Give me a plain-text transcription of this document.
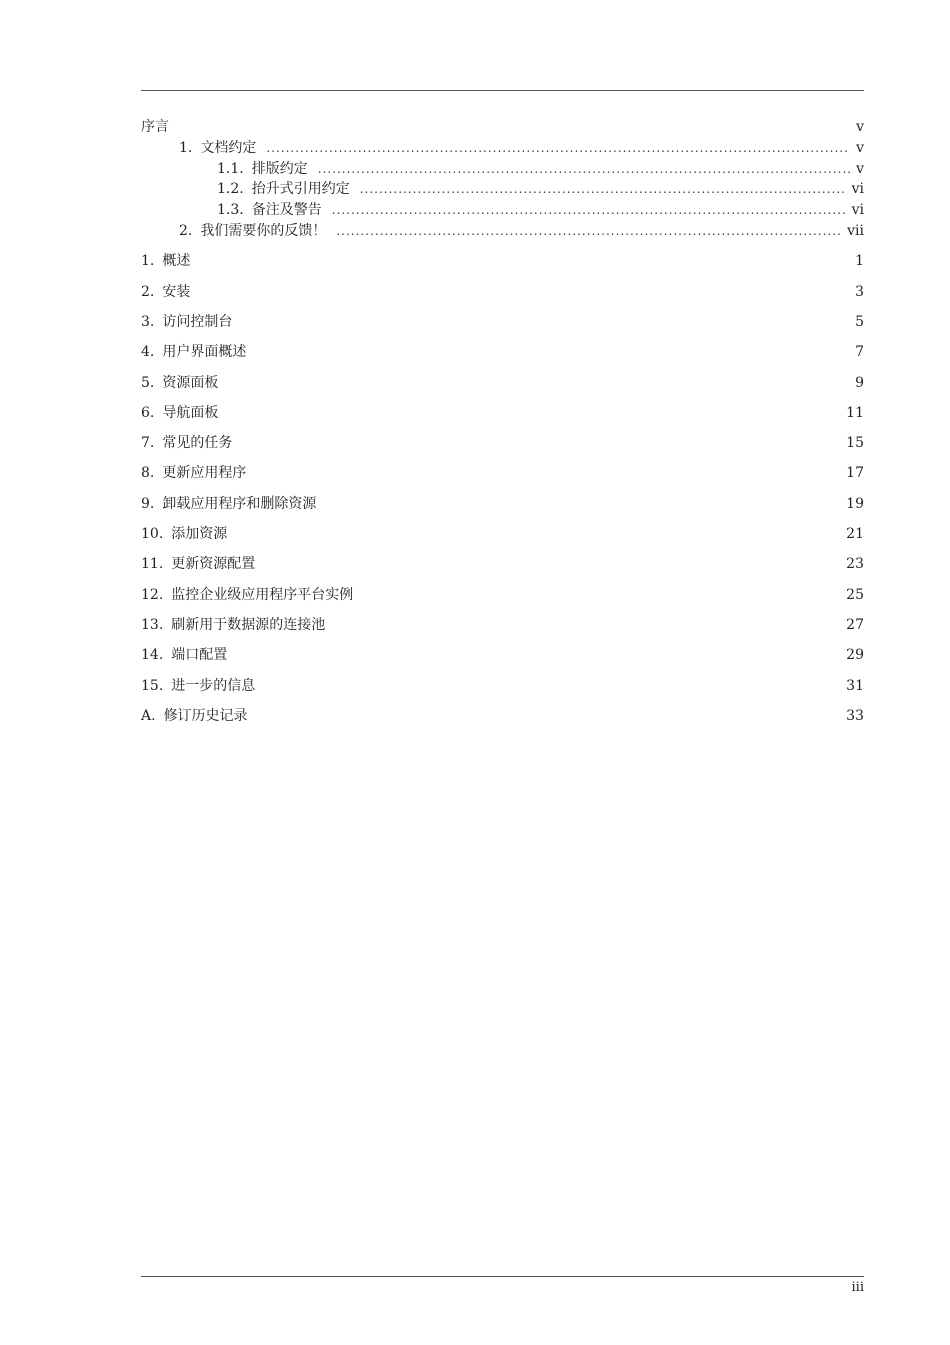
序言	v
1. 文档约定 .....	v
1.1. 排版约定 .....	v
1.2. 抬升式引用约定 .....	vi
1.3. 备注及警告 .....	vi
2. 我们需要你的反馈！ .....	vii
1. 概述	1
2. 安装	3
3. 访问控制台	5
4. 用户界面概述	7
5. 资源面板	9
6. 导航面板	11
7. 常见的任务	15
8. 更新应用程序	17
9. 卸载应用程序和删除资源	19
10. 添加资源	21
11. 更新资源配置	23
12. 监控企业级应用程序平台实例	25
13. 刷新用于数据源的连接池	27
14. 端口配置	29
15. 进一步的信息	31
A. 修订历史记录	33
iii
